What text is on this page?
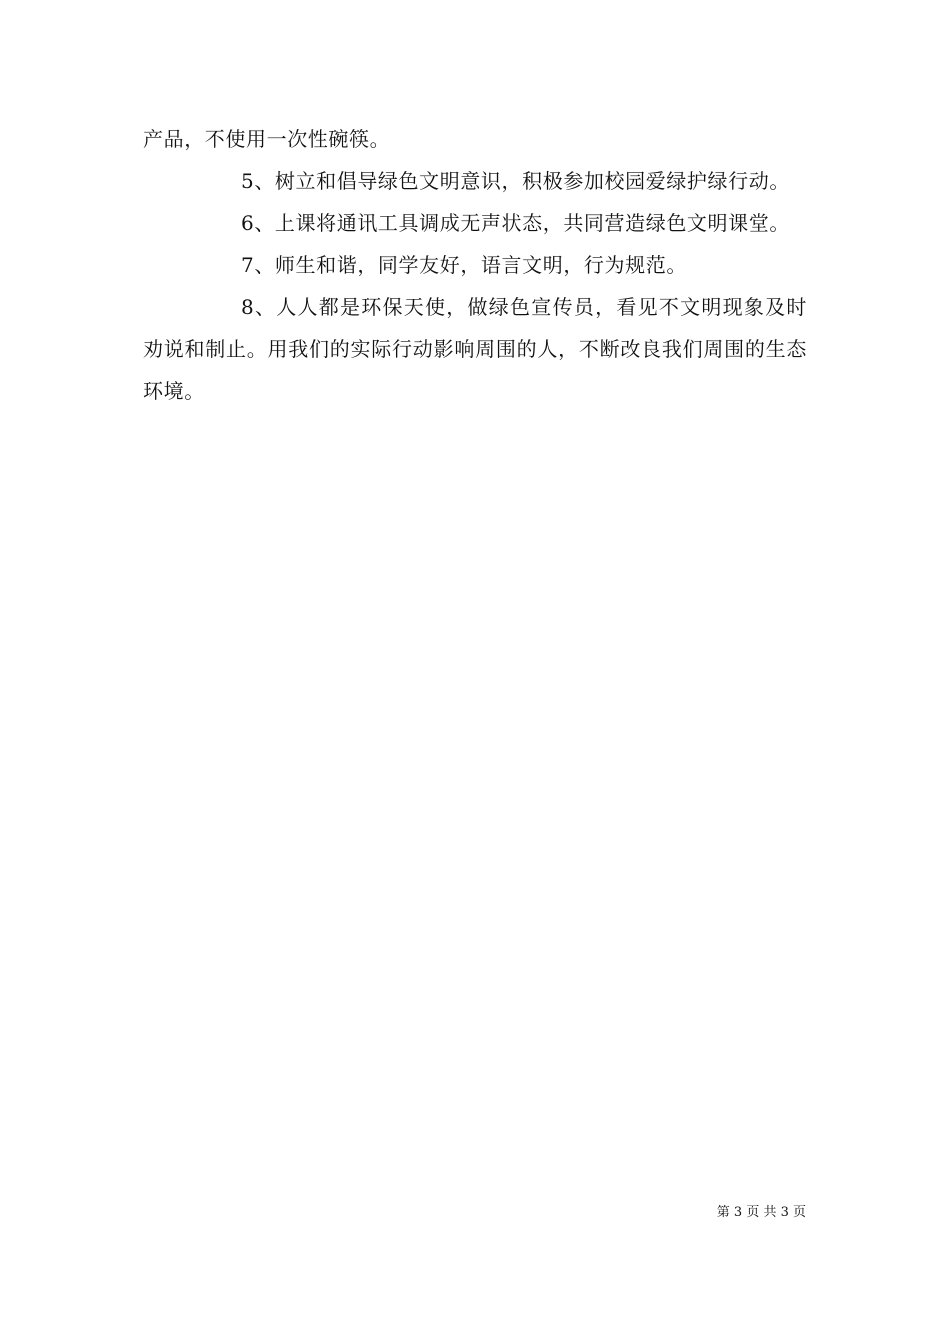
产品，不使用一次性碗筷。

5、树立和倡导绿色文明意识，积极参加校园爱绿护绿行动。

6、上课将通讯工具调成无声状态，共同营造绿色文明课堂。

7、师生和谐，同学友好，语言文明，行为规范。

8、人人都是环保天使，做绿色宣传员，看见不文明现象及时劝说和制止。用我们的实际行动影响周围的人，不断改良我们周围的生态环境。

第 3 页 共 3 页
